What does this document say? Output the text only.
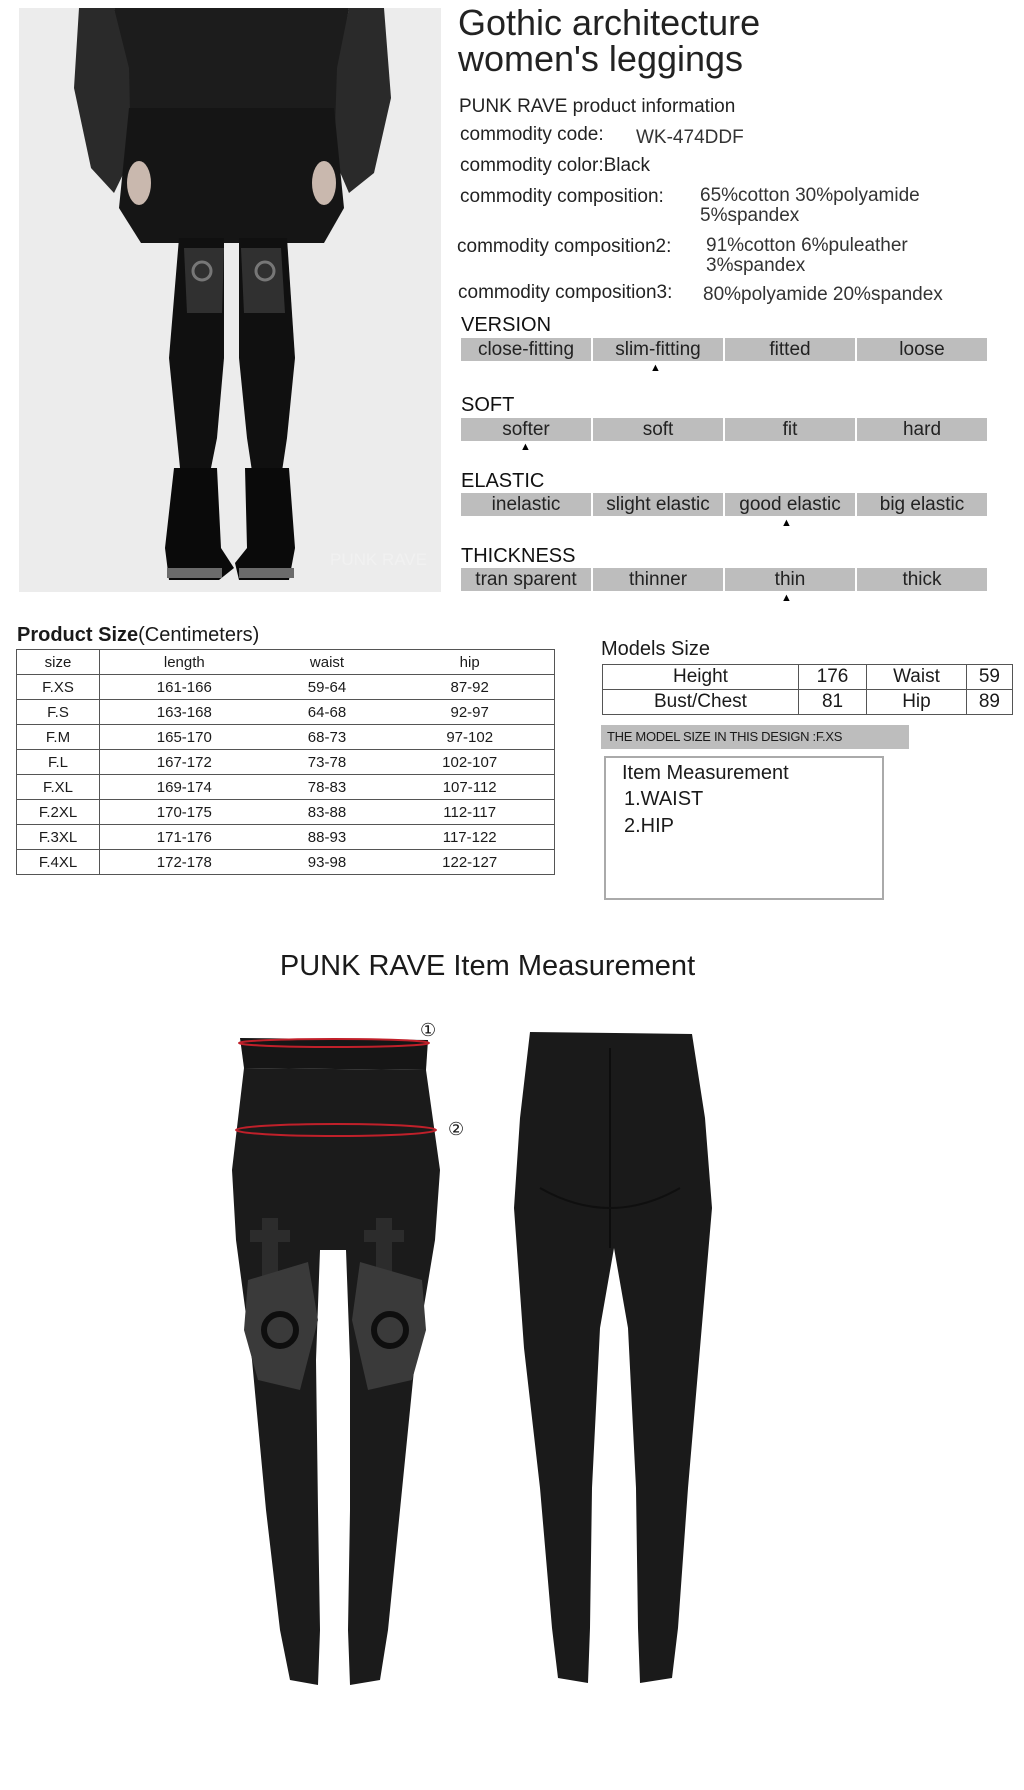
PUNK RAVE
Gothic architecture
women's leggings
PUNK RAVE product information
commodity code: WK-474DDF
commodity color:Black
commodity composition: 65%cotton 30%polyamide
5%spandex
commodity composition2: 91%cotton 6%puleather
3%spandex
commodity composition3: 80%polyamide 20%spandex
VERSION
close-fitting	slim-fitting	fitted	loose
▲
SOFT
softer	soft	fit	hard
▲
ELASTIC
inelastic	slight elastic	good elastic	big elastic
▲
THICKNESS
tran sparent	thinner	thin	thick
▲
Product Size(Centimeters)
size	length	waist	hip
F.XS	161-166	59-64	87-92
F.S	163-168	64-68	92-97
F.M	165-170	68-73	97-102
F.L	167-172	73-78	102-107
F.XL	169-174	78-83	107-112
F.2XL	170-175	83-88	112-117
F.3XL	171-176	88-93	117-122
F.4XL	172-178	93-98	122-127
Models Size
Height	176	Waist	59
Bust/Chest	81	Hip	89
THE MODEL SIZE IN THIS DESIGN :F.XS
Item Measurement
1.WAIST
2.HIP
PUNK RAVE Item Measurement
①
②
